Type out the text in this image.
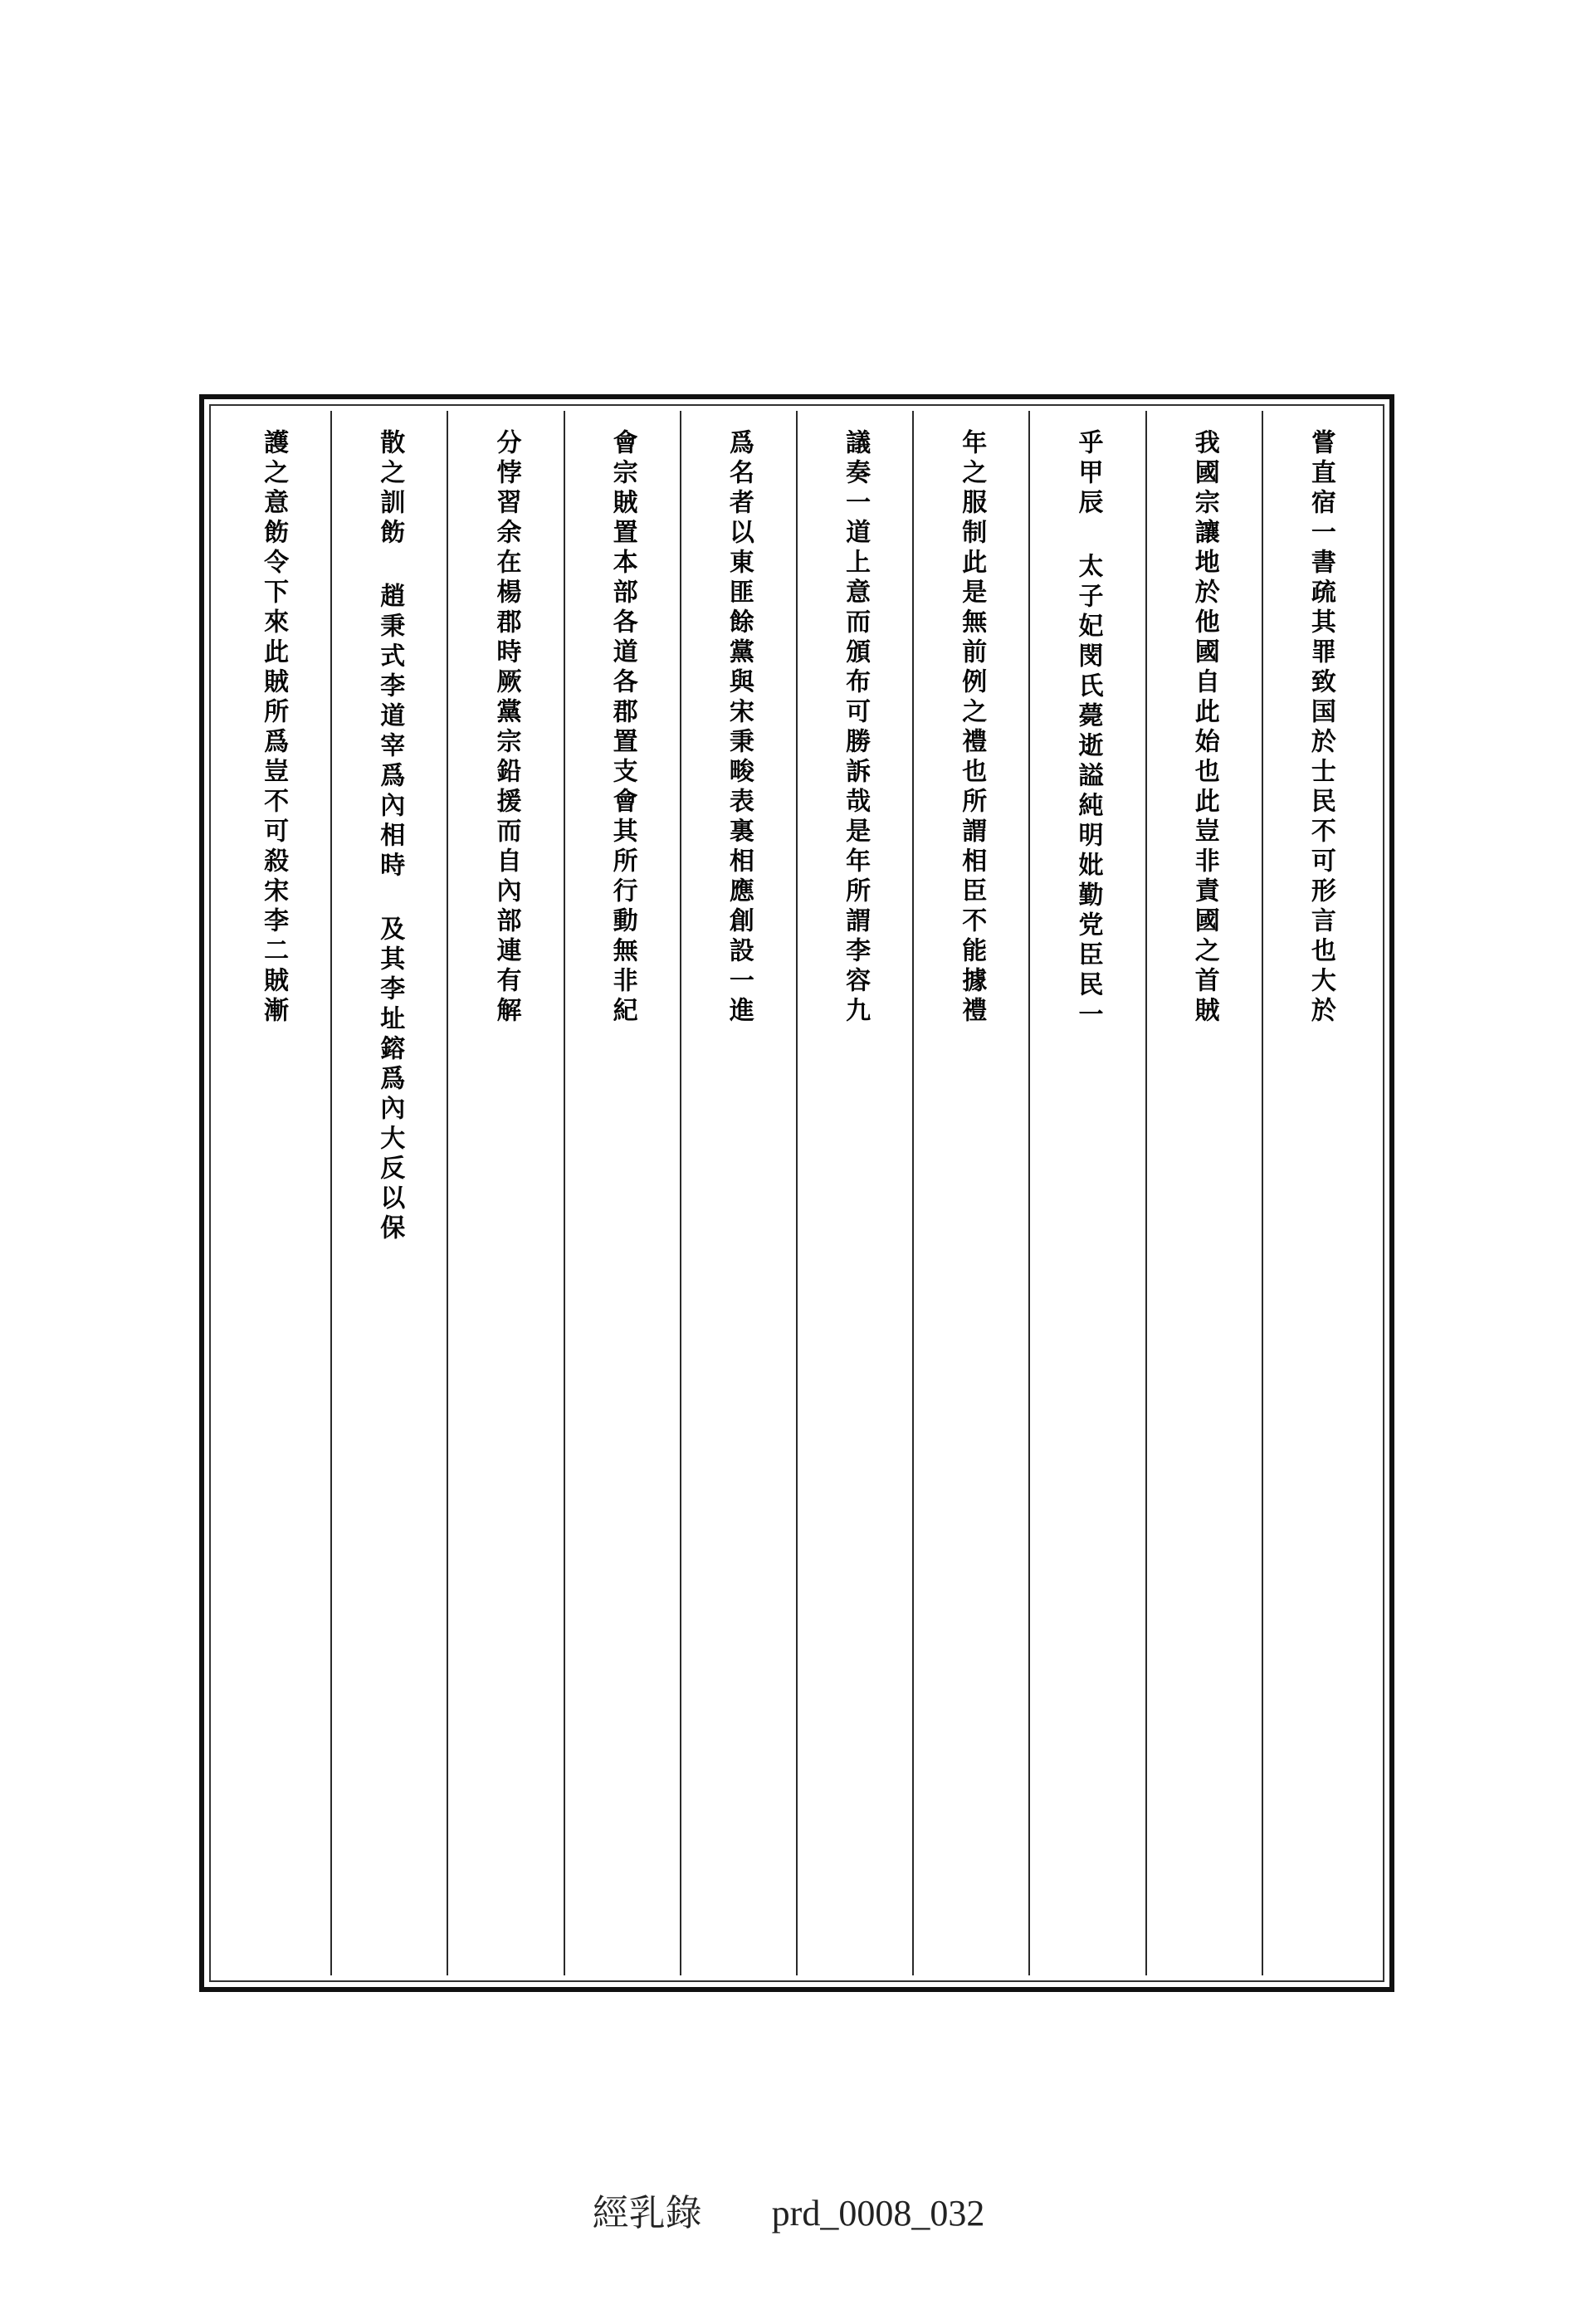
嘗直宿一書疏其罪致国於士民不可形言也大於
我國宗讓地於他國自此始也此豈非責國之首賊
乎甲辰 太子妃閔氏薨逝謚純明妣勤党臣民一
年之服制此是無前例之禮也所謂相臣不能據禮
議奏一道上意而頒布可勝訴哉是年所謂李容九
爲名者以東匪餘黨與宋秉畯表裏相應創設一進
會宗賊置本部各道各郡置支會其所行動無非紀
分悖習余在楊郡時厥黨宗鉛援而自內部連有解
散之訓飭 趙秉式李道宰爲內相時 及其李址鎔爲內大反以保
護之意飭令下來此賊所爲豈不可殺宋李二賊漸
經乳錄 prd_0008_032
